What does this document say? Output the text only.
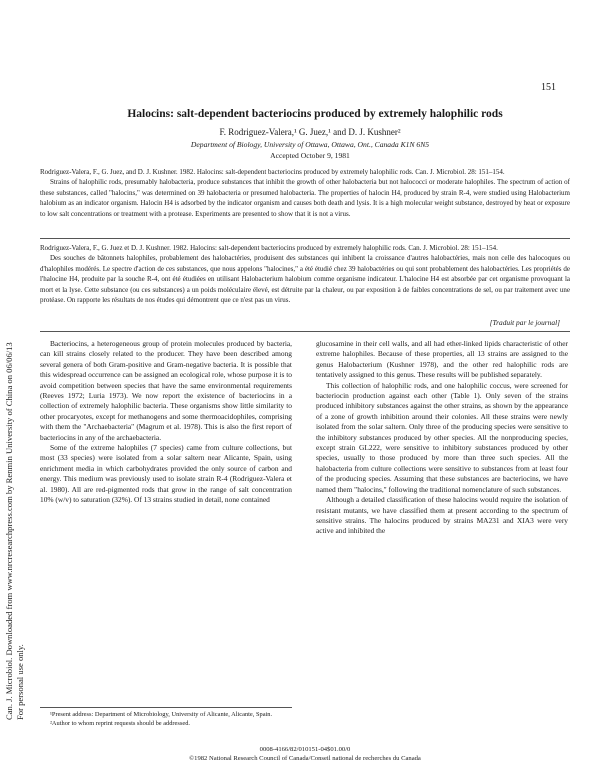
151
Can. J. Microbiol. Downloaded from www.nrcresearchpress.com by Renmin University of China on 06/06/13 For personal use only.
Halocins: salt-dependent bacteriocins produced by extremely halophilic rods
F. Rodriguez-Valera,¹ G. Juez,¹ and D. J. Kushner²
Department of Biology, University of Ottawa, Ottawa, Ont., Canada K1N 6N5
Accepted October 9, 1981

Rodriguez-Valera, F., G. Juez, and D. J. Kushner. 1982. Halocins: salt-dependent bacteriocins produced by extremely halophilic rods. Can. J. Microbiol. 28: 151–154.

Strains of halophilic rods, presumably halobacteria, produce substances that inhibit the growth of other halobacteria but not halococci or moderate halophiles. The spectrum of action of these substances, called "halocins," was determined on 39 halobacteria or presumed halobacteria. The properties of halocin H4, produced by strain R-4, were studied using Halobacterium halobium as an indicator organism. Halocin H4 is adsorbed by the indicator organism and causes both death and lysis. It is a high molecular weight substance, destroyed by heat or exposure to low salt concentrations or treatment with a protease. Experiments are presented to show that it is not a virus.

Rodriguez-Valera, F., G. Juez et D. J. Kushner. 1982. Halocins: salt-dependent bacteriocins produced by extremely halophilic rods. Can. J. Microbiol. 28: 151–154.

Des souches de bâtonnets halophiles, probablement des halobactéries, produisent des substances qui inhibent la croissance d'autres halobactéries, mais non celle des halocoques ou d'halophiles modérés. Le spectre d'action de ces substances, que nous appelons "halocines," a été étudié chez 39 halobactéries ou qui sont probablement des halobactéries. Les propriétés de l'halocine H4, produite par la souche R-4, ont été étudiées en utilisant Halobacterium halobium comme organisme indicateur. L'halocine H4 est absorbée par cet organisme provoquant la mort et la lyse. Cette substance (ou ces substances) a un poids moléculaire élevé, est détruite par la chaleur, ou par exposition à de faibles concentrations de sel, ou par traitement avec une protéase. On rapporte les résultats de nos études qui démontrent que ce n'est pas un virus.

[Traduit par le journal]

Bacteriocins, a heterogeneous group of protein molecules produced by bacteria, can kill strains closely related to the producer. They have been described among several genera of both Gram-positive and Gram-negative bacteria. It is possible that this widespread occurrence can be assigned an ecological role, whose purpose it is to avoid competition between species that have the same environmental requirements (Reeves 1972; Luria 1973). We now report the existence of bacteriocins in a collection of extremely halophilic bacteria. These organisms show little similarity to other procaryotes, except for methanogens and some thermoacidophiles, comprising with them the "Archaebacteria" (Magrum et al. 1978). This is also the first report of bacteriocins in any of the archaebacteria.

Some of the extreme halophiles (7 species) came from culture collections, but most (33 species) were isolated from a solar saltern near Alicante, Spain, using enrichment media in which carbohydrates provided the only source of carbon and energy. This medium was previously used to isolate strain R-4 (Rodriguez-Valera et al. 1980). All are red-pigmented rods that grow in the range of salt concentration 10% (w/v) to saturation (32%). Of 13 strains studied in detail, none contained

glucosamine in their cell walls, and all had ether-linked lipids characteristic of other extreme halophiles. Because of these properties, all 13 strains are assigned to the genus Halobacterium (Kushner 1978), and the other red halophilic rods are tentatively assigned to this genus. These results will be published separately.

This collection of halophilic rods, and one halophilic coccus, were screened for bacteriocin production against each other (Table 1). Only seven of the strains produced inhibitory substances against the other strains, as shown by the appearance of a zone of growth inhibition around their colonies. All these strains were newly isolated from the solar saltern. Only three of the producing species were sensitive to the inhibitory substances produced by other species. All the nonproducing species, except strain GL222, were sensitive to inhibitory substances produced by other species, usually to those produced by more than three such species. All the halobacteria from culture collections were sensitive to substances from at least four of the producing species. Assuming that these substances are bacteriocins, we have named them "halocins," following the traditional nomenclature of such substances.

Although a detailed classification of these halocins would require the isolation of resistant mutants, we have classified them at present according to the spectrum of sensitive strains. The halocins produced by strains MA231 and XIA3 were very active and inhibited the

¹Present address: Department of Microbiology, University of Alicante, Alicante, Spain.

²Author to whom reprint requests should be addressed.

0008-4166/82/010151-04$01.00/0
©1982 National Research Council of Canada/Conseil national de recherches du Canada
